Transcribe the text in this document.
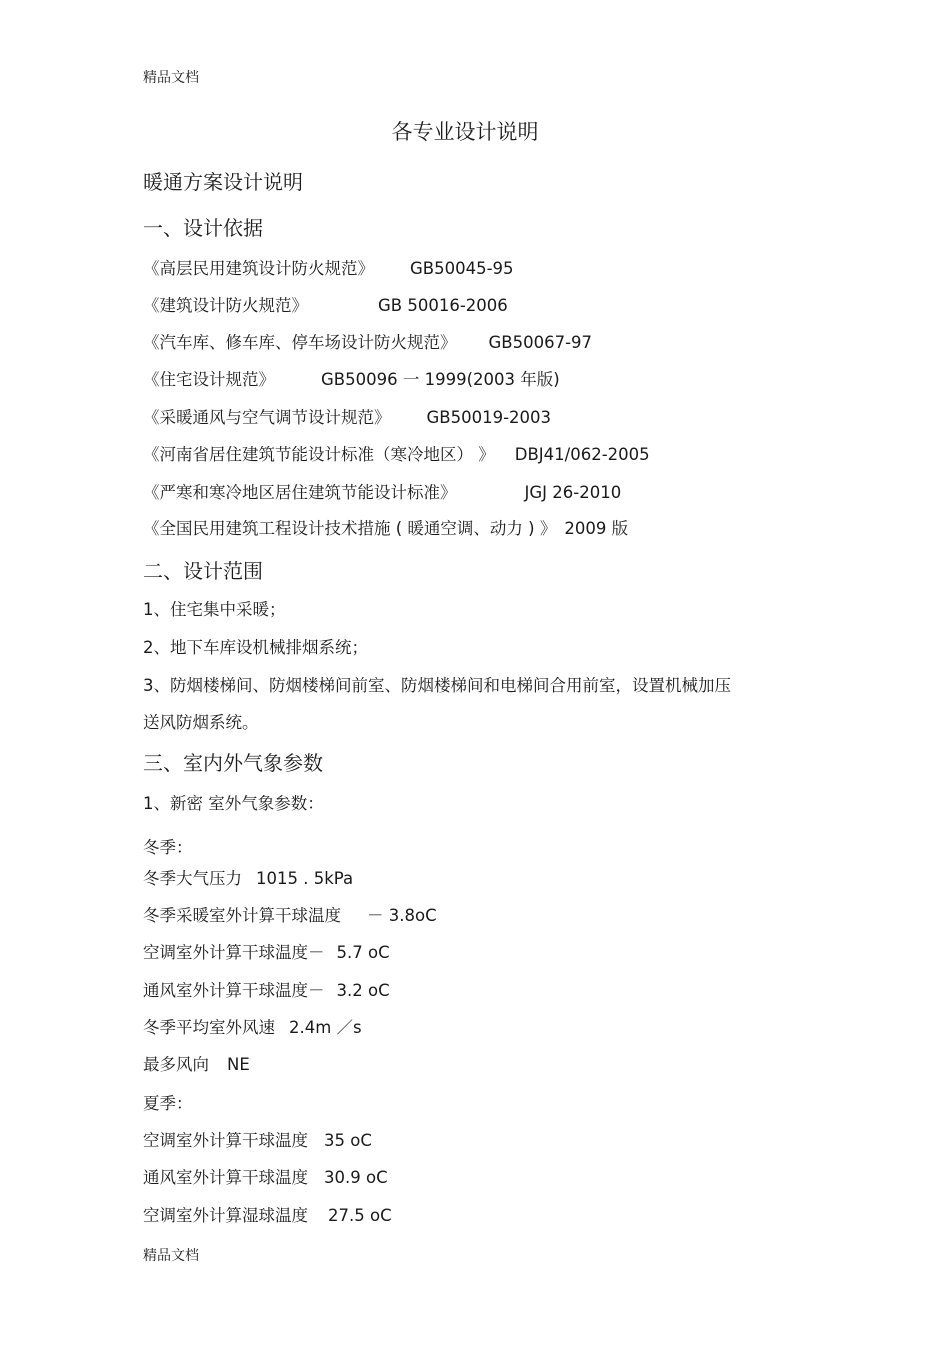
精品文档
各专业设计说明
暖通方案设计说明
一、设计依据
《高层民用建筑设计防火规范》 GB50045-95
《建筑设计防火规范》	GB 50016-2006
《汽车库、修车库、停车场设计防火规范》 GB50067-97
《住宅设计规范》	GB50096 一 1999(2003 年版)
《采暖通风与空气调节设计规范》 GB50019-2003
《河南省居住建筑节能设计标准（寒冷地区） 》 DBJ41/062-2005
《严寒和寒冷地区居住建筑节能设计标准》	JGJ 26-2010
《全国民用建筑工程设计技术措施 ( 暖通空调、动力 ) 》 2009 版
二、设计范围
1、住宅集中采暖；
2、地下车库设机械排烟系统；
3、防烟楼梯间、防烟楼梯间前室、防烟楼梯间和电梯间合用前室，设置机械加压
送风防烟系统。
三、室内外气象参数
1、新密 室外气象参数：
冬季：
冬季大气压力 1015 . 5kPa
冬季采暖室外计算干球温度 － 3.8oC
空调室外计算干球温度－ 5.7 oC
通风室外计算干球温度－ 3.2 oC
冬季平均室外风速 2.4m ／s
最多风向 NE
夏季：
空调室外计算干球温度 35 oC
通风室外计算干球温度 30.9 oC
空调室外计算湿球温度 27.5 oC
精品文档
